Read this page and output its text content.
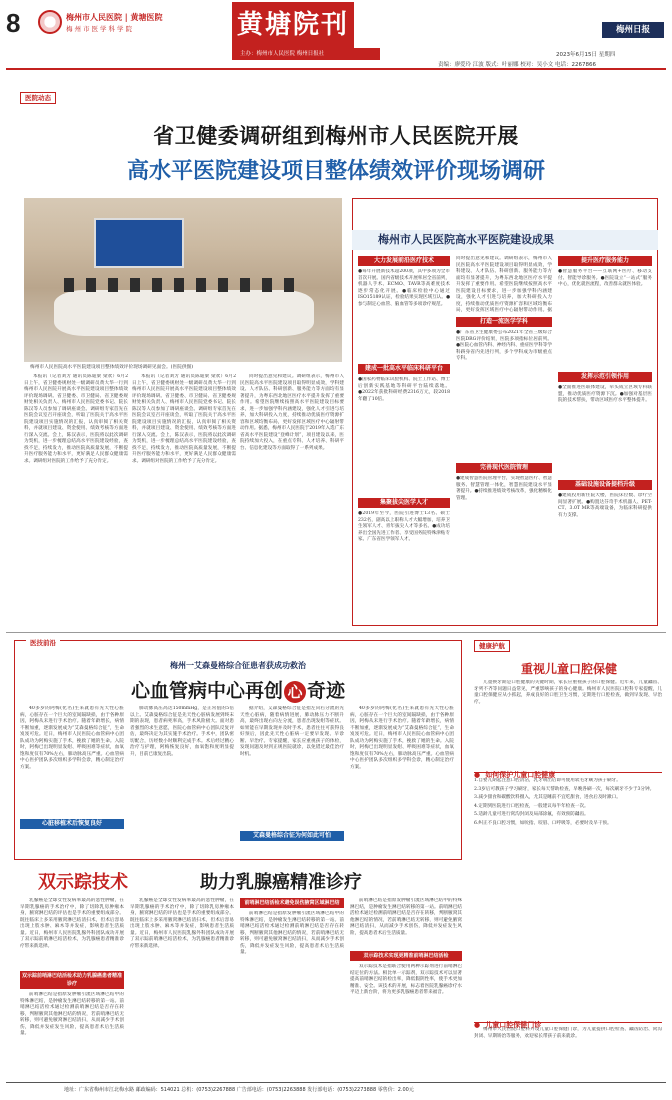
8	梅州市人民医院 | 黄塘医院
梅州市医学科学院	黄塘院刊
主办：梅州市人民医院 梅州日报社
梅州日报
2023年6月15日 星期四
责编：廖爱玲 江波 版式：叶丽娜 校对：吴小文 电话：2267866
医院动态
省卫健委调研组到梅州市人民医院开展
高水平医院建设项目整体绩效评价现场调研
梅州市人民医院高水平医院建设项目整体绩效评价现场调研见面会。(医院供图)
梅州市人民医院高水平医院建设成果
大力发展前沿医疗技术
●每年开展新技术超200项，其中多项为全市首次开展。国内省级技术开展率居全省前列，机器人手术、ECMO、TAVR等高难度技术逐步常态化开展。●临床检验中心通过ISO15189认证，检验结果实现区域互认。●参与制定心血管、脑血管等多项诊疗规范。
建成一批高水平临床科研平台
●国家药物临床试验机构、院士工作站、博士后创新实践基地等科研平台陆续落地。●2022年获批科研经费2316万元，较2018年翻了10倍。
集聚拔尖医学人才
●2019年至今，医院引进博士13名、硕士232名，副高以上职称人才大幅增加，培养卫生领军人才、青年拔尖人才等多名。●成功培养出全国先进工作者、享受国务院特殊津贴专家、广东省医学领军人才。
同时提出意见和建议。调研组表示，梅州市人民医院高水平医院建设项目取得明显成效，学科建设、人才队伍、科研创新、服务能力等方面均有显著提升，为粤东西北地区医疗水平提升发挥了重要作用。希望医院继续按照高水平医院建设目标要求，进一步加强学科内涵建设，强化人才引进与培养，加大科研投入力度，持续推动优质医疗资源扩容和区域均衡布局，更好发挥区域医疗中心辐射带动作用。据
打造一流医学学科
●广东省卫生健康委公布2021年全省三级综合医院DRG评价结果，医院多项指标位居前列。●医院心血管内科、神经内科、重症医学科等学科跻身省内先进行列，多个学科成为市级重点专科。
完善现代医院管理
●建成智慧医院管理平台，实现智慧医疗、智慧服务、智慧管理一体化，智慧医院建设水平显著提升。●持续推进绩效考核改革，强化精细化管理。
提升医疗服务能力
●智慧服务平台——互联网+医疗、移动支付、智能导诊服务。●医院设立“一站式”服务中心，优化就医流程，改善群众就医体验。
发挥示范引领作用
●全面推进医联体建设，牵头成立区域专科联盟，推动优质医疗资源下沉。●加强对基层医院的技术帮扶，带动区域医疗水平整体提升。
基础设施设备提档升级
●建成投用新住院大楼，医院床位数、诊疗空间显著扩展。●购置达芬奇手术机器人、PET-CT、3.0T MR等高端设备，为临床科研提供有力支撑。
本报讯（记者刘芳 通讯员陈迪梁 梁欢）6月2日上午，省卫健委规财处一级调研员黄大华一行到梅州市人民医院开展高水平医院建设项目整体绩效评价现场调研。省卫健委、市卫健局、省卫健委规财处相关负责人、梅州市人民医院党委书记、院长陈汉等人员参加了调研座谈会。调研组专家首先在医院会议室召开座谈会，听取了医院关于高水平医院建设项目实施情况的汇报，认真审阅了相关资料，并就项目建设、资金使用、绩效考核等方面进行深入交流。会上，陈汉表示，医院将以此次调研为契机，进一步梳理总结高水平医院建设经验，查找不足，持续发力，推动医院高质量发展，不断提升医疗服务能力和水平，更好满足人民群众健康需求。调研组对医院的工作给予了充分肯定。
本报讯（记者刘芳 通讯员陈迪梁 梁欢）6月2日上午，省卫健委规财处一级调研员黄大华一行到梅州市人民医院开展高水平医院建设项目整体绩效评价现场调研。省卫健委、市卫健局、省卫健委规财处相关负责人、梅州市人民医院党委书记、院长陈汉等人员参加了调研座谈会。调研组专家首先在医院会议室召开座谈会，听取了医院关于高水平医院建设项目实施情况的汇报，认真审阅了相关资料，并就项目建设、资金使用、绩效考核等方面进行深入交流。会上，陈汉表示，医院将以此次调研为契机，进一步梳理总结高水平医院建设经验，查找不足，持续发力，推动医院高质量发展，不断提升医疗服务能力和水平，更好满足人民群众健康需求。调研组对医院的工作给予了充分肯定。
同时提出意见和建议。调研组表示，梅州市人民医院高水平医院建设项目取得明显成效，学科建设、人才队伍、科研创新、服务能力等方面均有显著提升，为粤东西北地区医疗水平提升发挥了重要作用。希望医院继续按照高水平医院建设目标要求，进一步加强学科内涵建设，强化人才引进与培养，加大科研投入力度，持续推动优质医疗资源扩容和区域均衡布局，更好发挥区域医疗中心辐射带动作用。据悉，梅州市人民医院于2019年入选广东省高水平医院建设“登峰计划”，项目建设以来，医院持续加大投入，在重点专科、人才培养、科研平台、信息化建设等方面取得了一系列成果。
医技前沿
梅州一艾森曼格综合征患者获成功救治
心血管病中心再创 心 奇迹
40多岁的阿梅(化名)生来就患有先天性心脏病，心脏存在一个巨大的室间隔缺损，由于各种原因，阿梅从未进行手术治疗。随着年龄增长，病情不断加重，逐渐发展成为“艾森曼格综合征”，生命岌岌可危。近日，梅州市人民医院心血管病中心团队成功为阿梅实施了手术，挽救了她的生命。入院时，阿梅已出现明显发绀、呼吸困难等症状，血氧饱和度仅有70%左右，肺动脉高压严重。心血管病中心医护团队多次组织多学科会诊，精心制定治疗方案。
心脏移植术后恢复良好
肺动脉高压高达150mmHg，是正常值的5倍以上。艾森曼格综合征是先天性心脏病发展到终末期的表现，患者病死率高，手术风险极大。面对患者强烈的求生意愿，医院心血管病中心团队反复评估，最终决定为其实施手术治疗。手术中，团队密切配合，历经数小时顺利完成手术。术后经过精心治疗与护理，阿梅恢复良好，血氧饱和度明显提升，目前已康复出院。
据介绍，艾森曼格综合征是指左向右分流的先天性心脏病，随着病情进展，肺动脉压力不断升高，最终出现右向左分流，患者出现发绀等症状。如果能在早期发现并及时手术，患者往往可获得良好预后，因此先天性心脏病一定要早发现、早诊断、早治疗。专家提醒，家长应重视孩子的体检，发现问题及时到正规医院就诊，以免错过最佳治疗时机。
艾森曼格综合征为何如此可怕
40多岁的阿梅(化名)生来就患有先天性心脏病，心脏存在一个巨大的室间隔缺损，由于各种原因，阿梅从未进行手术治疗。随着年龄增长，病情不断加重，逐渐发展成为“艾森曼格综合征”，生命岌岌可危。近日，梅州市人民医院心血管病中心团队成功为阿梅实施了手术，挽救了她的生命。入院时，阿梅已出现明显发绀、呼吸困难等症状，血氧饱和度仅有70%左右，肺动脉高压严重。心血管病中心医护团队多次组织多学科会诊，精心制定治疗方案。
健康护航
重视儿童口腔保健
儿童换牙期是口腔健康的关键时期，家长应重视孩子的口腔保健。近年来，儿童龋齿、牙列不齐等问题日益常见，严重影响孩子的身心健康。梅州市人民医院口腔科专家提醒，儿童口腔保健应从小抓起，养成良好的口腔卫生习惯，定期进行口腔检查，做到早发现、早治疗。
● 如何保护儿童口腔健康
1.自婴儿期起注意口腔清洁，乳牙萌出后即可使用软毛牙刷为孩子刷牙。
2.3岁后可教孩子学习刷牙，家长每天帮助检查，早晚各刷一次，每次刷牙不少于3分钟。
3.减少甜食和碳酸饮料摄入，尤其是睡前不宜吃甜食，进食后及时漱口。
4.定期到医院进行口腔检查，一般建议每半年检查一次。
5.适龄儿童可进行窝沟封闭及局部涂氟，有效预防龋齿。
6.纠正不良口腔习惯，如吮指、咬唇、口呼吸等，必要时及早干预。
● 儿童口腔保健门诊
梅州市人民医院口腔科开设儿童口腔保健门诊，为儿童提供口腔检查、龋齿防治、窝沟封闭、早期矫治等服务，欢迎家长带孩子前来就诊。
双示踪技术	助力乳腺癌精准诊疗
乳腺癌是全球女性发病率最高的恶性肿瘤，在早期乳腺癌的手术治疗中，除了切除乳房肿瘤本身，腋窝淋巴结的评估也是手术的重要组成部分。既往临床上多采用腋窝淋巴结清扫术，但术后容易出现上肢水肿、麻木等并发症，影响患者生活质量。近日，梅州市人民医院乳腺外科团队成功开展了双示踪前哨淋巴结活检术，为乳腺癌患者精准诊疗带来新选择。
双示踪前哨淋巴结活检术助力乳腺癌患者精准诊疗
前哨淋巴结是指原发肿瘤引流区域淋巴结中的特殊淋巴结，是肿瘤发生淋巴结转移的第一站。前哨淋巴结活检术通过检测前哨淋巴结是否存在转移，判断腋窝其他淋巴结的情况，若前哨淋巴结无转移，则可避免腋窝淋巴结清扫，从而减少手术创伤，降低并发症发生风险，提高患者术后生活质量。
乳腺癌是全球女性发病率最高的恶性肿瘤，在早期乳腺癌的手术治疗中，除了切除乳房肿瘤本身，腋窝淋巴结的评估也是手术的重要组成部分。既往临床上多采用腋窝淋巴结清扫术，但术后容易出现上肢水肿、麻木等并发症，影响患者生活质量。近日，梅州市人民医院乳腺外科团队成功开展了双示踪前哨淋巴结活检术，为乳腺癌患者精准诊疗带来新选择。
前哨淋巴结活检术避免误伤腋窝区域淋巴结
前哨淋巴结是指原发肿瘤引流区域淋巴结中的特殊淋巴结，是肿瘤发生淋巴结转移的第一站。前哨淋巴结活检术通过检测前哨淋巴结是否存在转移，判断腋窝其他淋巴结的情况，若前哨淋巴结无转移，则可避免腋窝淋巴结清扫，从而减少手术创伤，降低并发症发生风险，提高患者术后生活质量。
前哨淋巴结是指原发肿瘤引流区域淋巴结中的特殊淋巴结，是肿瘤发生淋巴结转移的第一站。前哨淋巴结活检术通过检测前哨淋巴结是否存在转移，判断腋窝其他淋巴结的情况，若前哨淋巴结无转移，则可避免腋窝淋巴结清扫，从而减少手术创伤，降低并发症发生风险，提高患者术后生活质量。
双示踪技术实现更精准前哨淋巴结活检
双示踪技术是指联合使用两种示踪剂进行前哨淋巴结定位的方法。相比单一示踪剂，双示踪技术可以显著提高前哨淋巴结的检出率，降低假阴性率，使手术更加精准、安全。该技术的开展，标志着医院乳腺癌诊疗水平迈上新台阶，将为更多乳腺癌患者带来福音。
地址：广东省梅州市江北梅水路 邮政编码：514021 总机：(0753)2267888 广告部电话：(0753)2263888 发行部电话：(0753)2273888 零售价：2.00元
